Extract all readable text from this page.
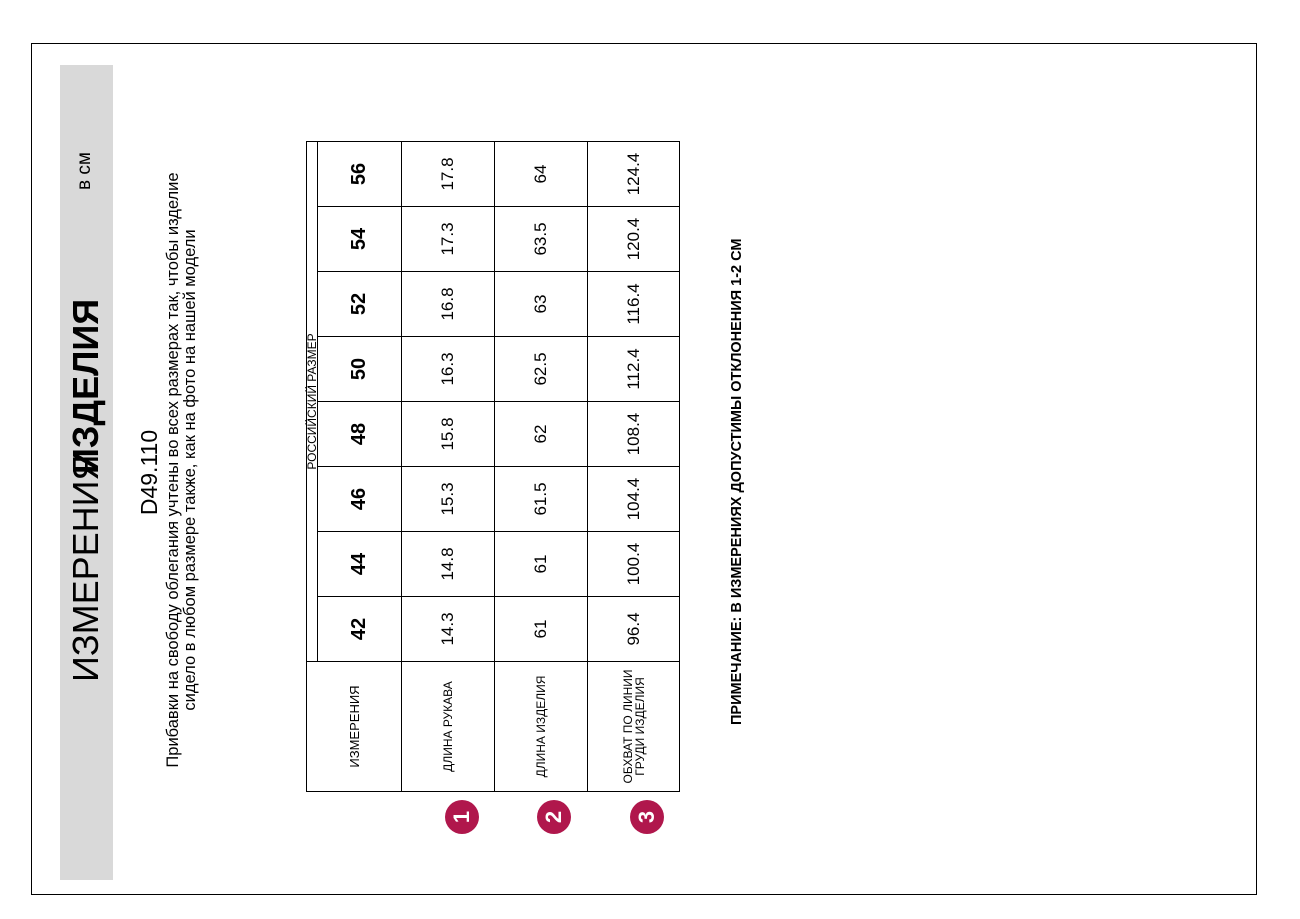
ИЗМЕРЕНИЯ
ИЗДЕЛИЯ
в см
D49.110 Прибавки на свободу облегания учтены во всех размерах так, чтобы изделие сидело в любом размере также, как на фото на нашей модели
ИЗМЕРЕНИЯ	РОССИЙСКИЙ РАЗМЕР							
	42	44	46	48	50	52	54	56
ДЛИНА РУКАВА	14.3	14.8	15.3	15.8	16.3	16.8	17.3	17.8
ДЛИНА ИЗДЕЛИЯ	61	61	61.5	62	62.5	63	63.5	64
ОБХВАТ ПО ЛИНИИ ГРУДИ ИЗДЕЛИЯ	96.4	100.4	104.4	108.4	112.4	116.4	120.4	124.4
1	2	3
ПРИМЕЧАНИЕ: В ИЗМЕРЕНИЯХ ДОПУСТИМЫ ОТКЛОНЕНИЯ 1-2 СМ
